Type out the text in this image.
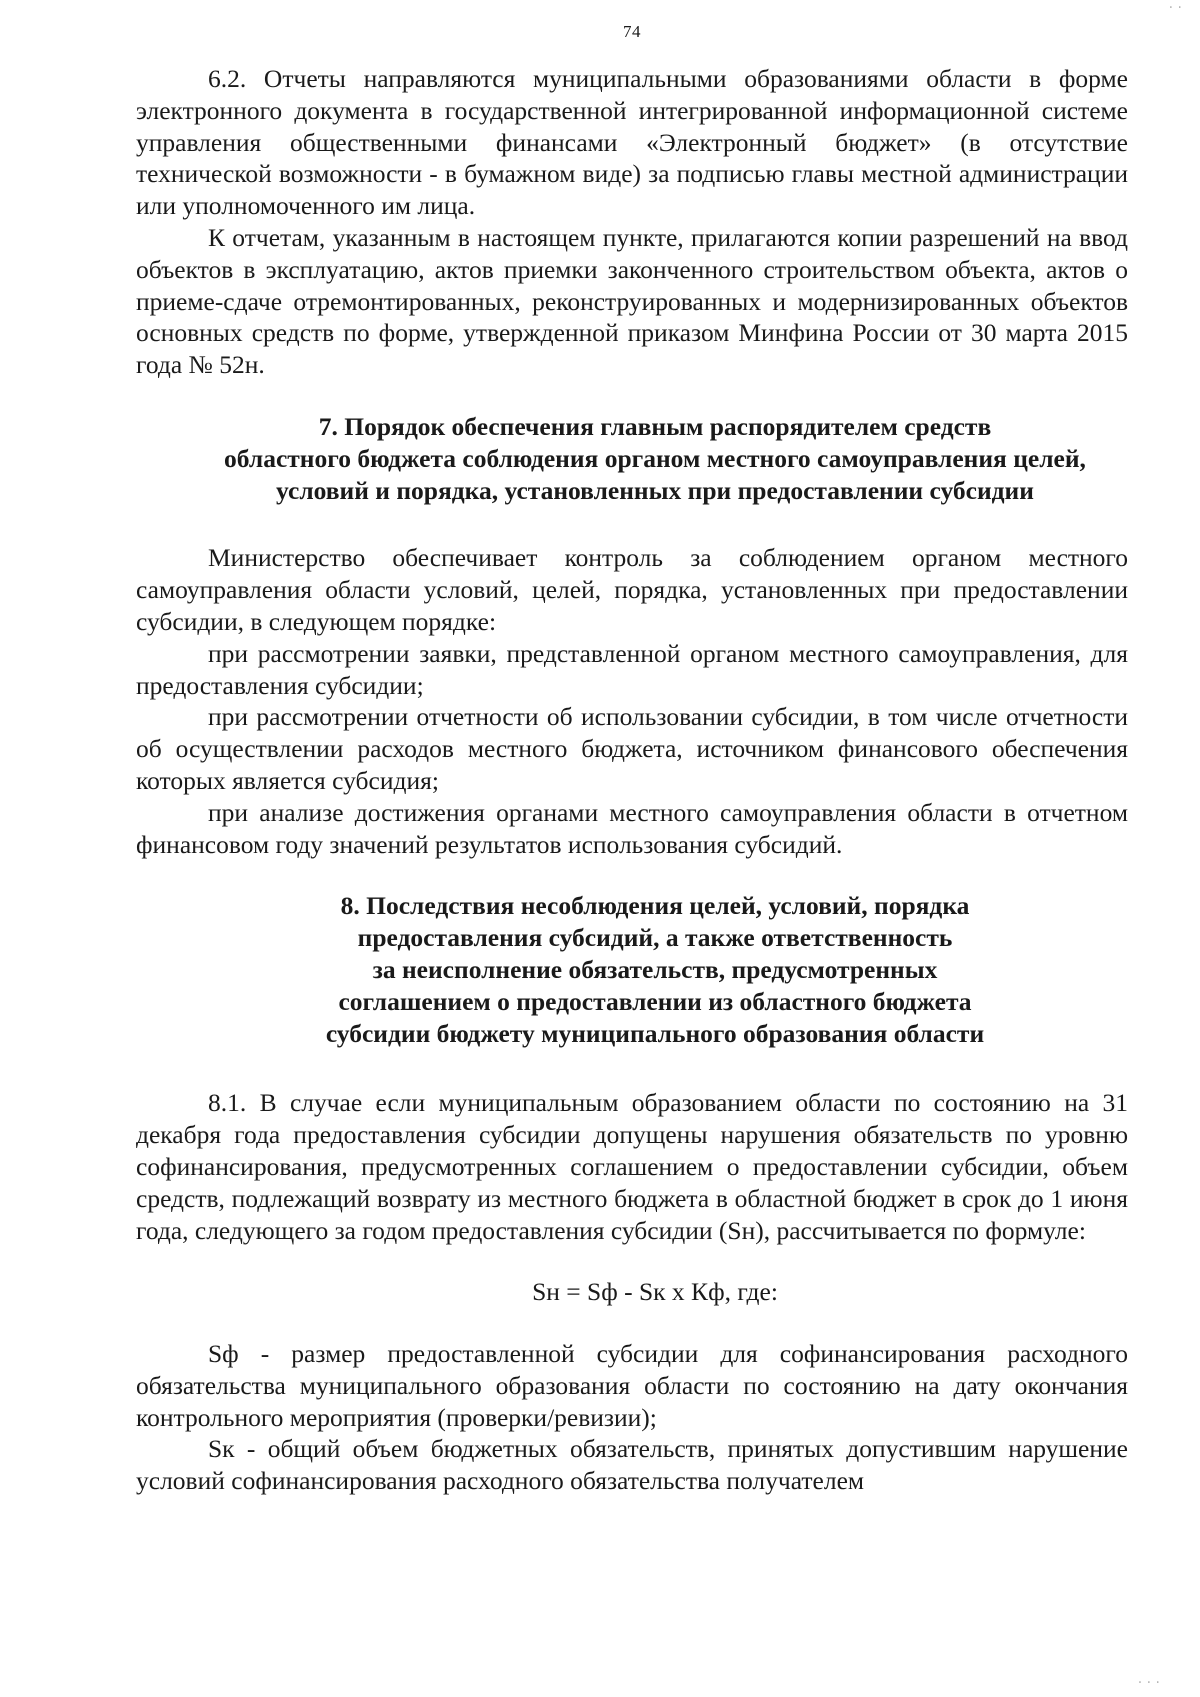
74

6.2. Отчеты направляются муниципальными образованиями области в форме электронного документа в государственной интегрированной информационной системе управления общественными финансами «Электронный бюджет» (в отсутствие технической возможности - в бумажном виде) за подписью главы местной администрации или уполномоченного им лица.

К отчетам, указанным в настоящем пункте, прилагаются копии разрешений на ввод объектов в эксплуатацию, актов приемки законченного строительством объекта, актов о приеме-сдаче отремонтированных, реконструированных и модернизированных объектов основных средств по форме, утвержденной приказом Минфина России от 30 марта 2015 года № 52н.

7. Порядок обеспечения главным распорядителем средств
областного бюджета соблюдения органом местного самоуправления целей,
условий и порядка, установленных при предоставлении субсидии

Министерство обеспечивает контроль за соблюдением органом местного самоуправления области условий, целей, порядка, установленных при предоставлении субсидии, в следующем порядке:

при рассмотрении заявки, представленной органом местного самоуправления, для предоставления субсидии;

при рассмотрении отчетности об использовании субсидии, в том числе отчетности об осуществлении расходов местного бюджета, источником финансового обеспечения которых является субсидия;

при анализе достижения органами местного самоуправления области в отчетном финансовом году значений результатов использования субсидий.

8. Последствия несоблюдения целей, условий, порядка
предоставления субсидий, а также ответственность
за неисполнение обязательств, предусмотренных
соглашением о предоставлении из областного бюджета
субсидии бюджету муниципального образования области

8.1. В случае если муниципальным образованием области по состоянию на 31 декабря года предоставления субсидии допущены нарушения обязательств по уровню софинансирования, предусмотренных соглашением о предоставлении субсидии, объем средств, подлежащий возврату из местного бюджета в областной бюджет в срок до 1 июня года, следующего за годом предоставления субсидии (Sн), рассчитывается по формуле:

Sн = Sф - Sк х Кф, где:

Sф - размер предоставленной субсидии для софинансирования расходного обязательства муниципального образования области по состоянию на дату окончания контрольного мероприятия (проверки/ревизии);

Sк - общий объем бюджетных обязательств, принятых допустившим нарушение условий софинансирования расходного обязательства получателем

· ·
· · ·
